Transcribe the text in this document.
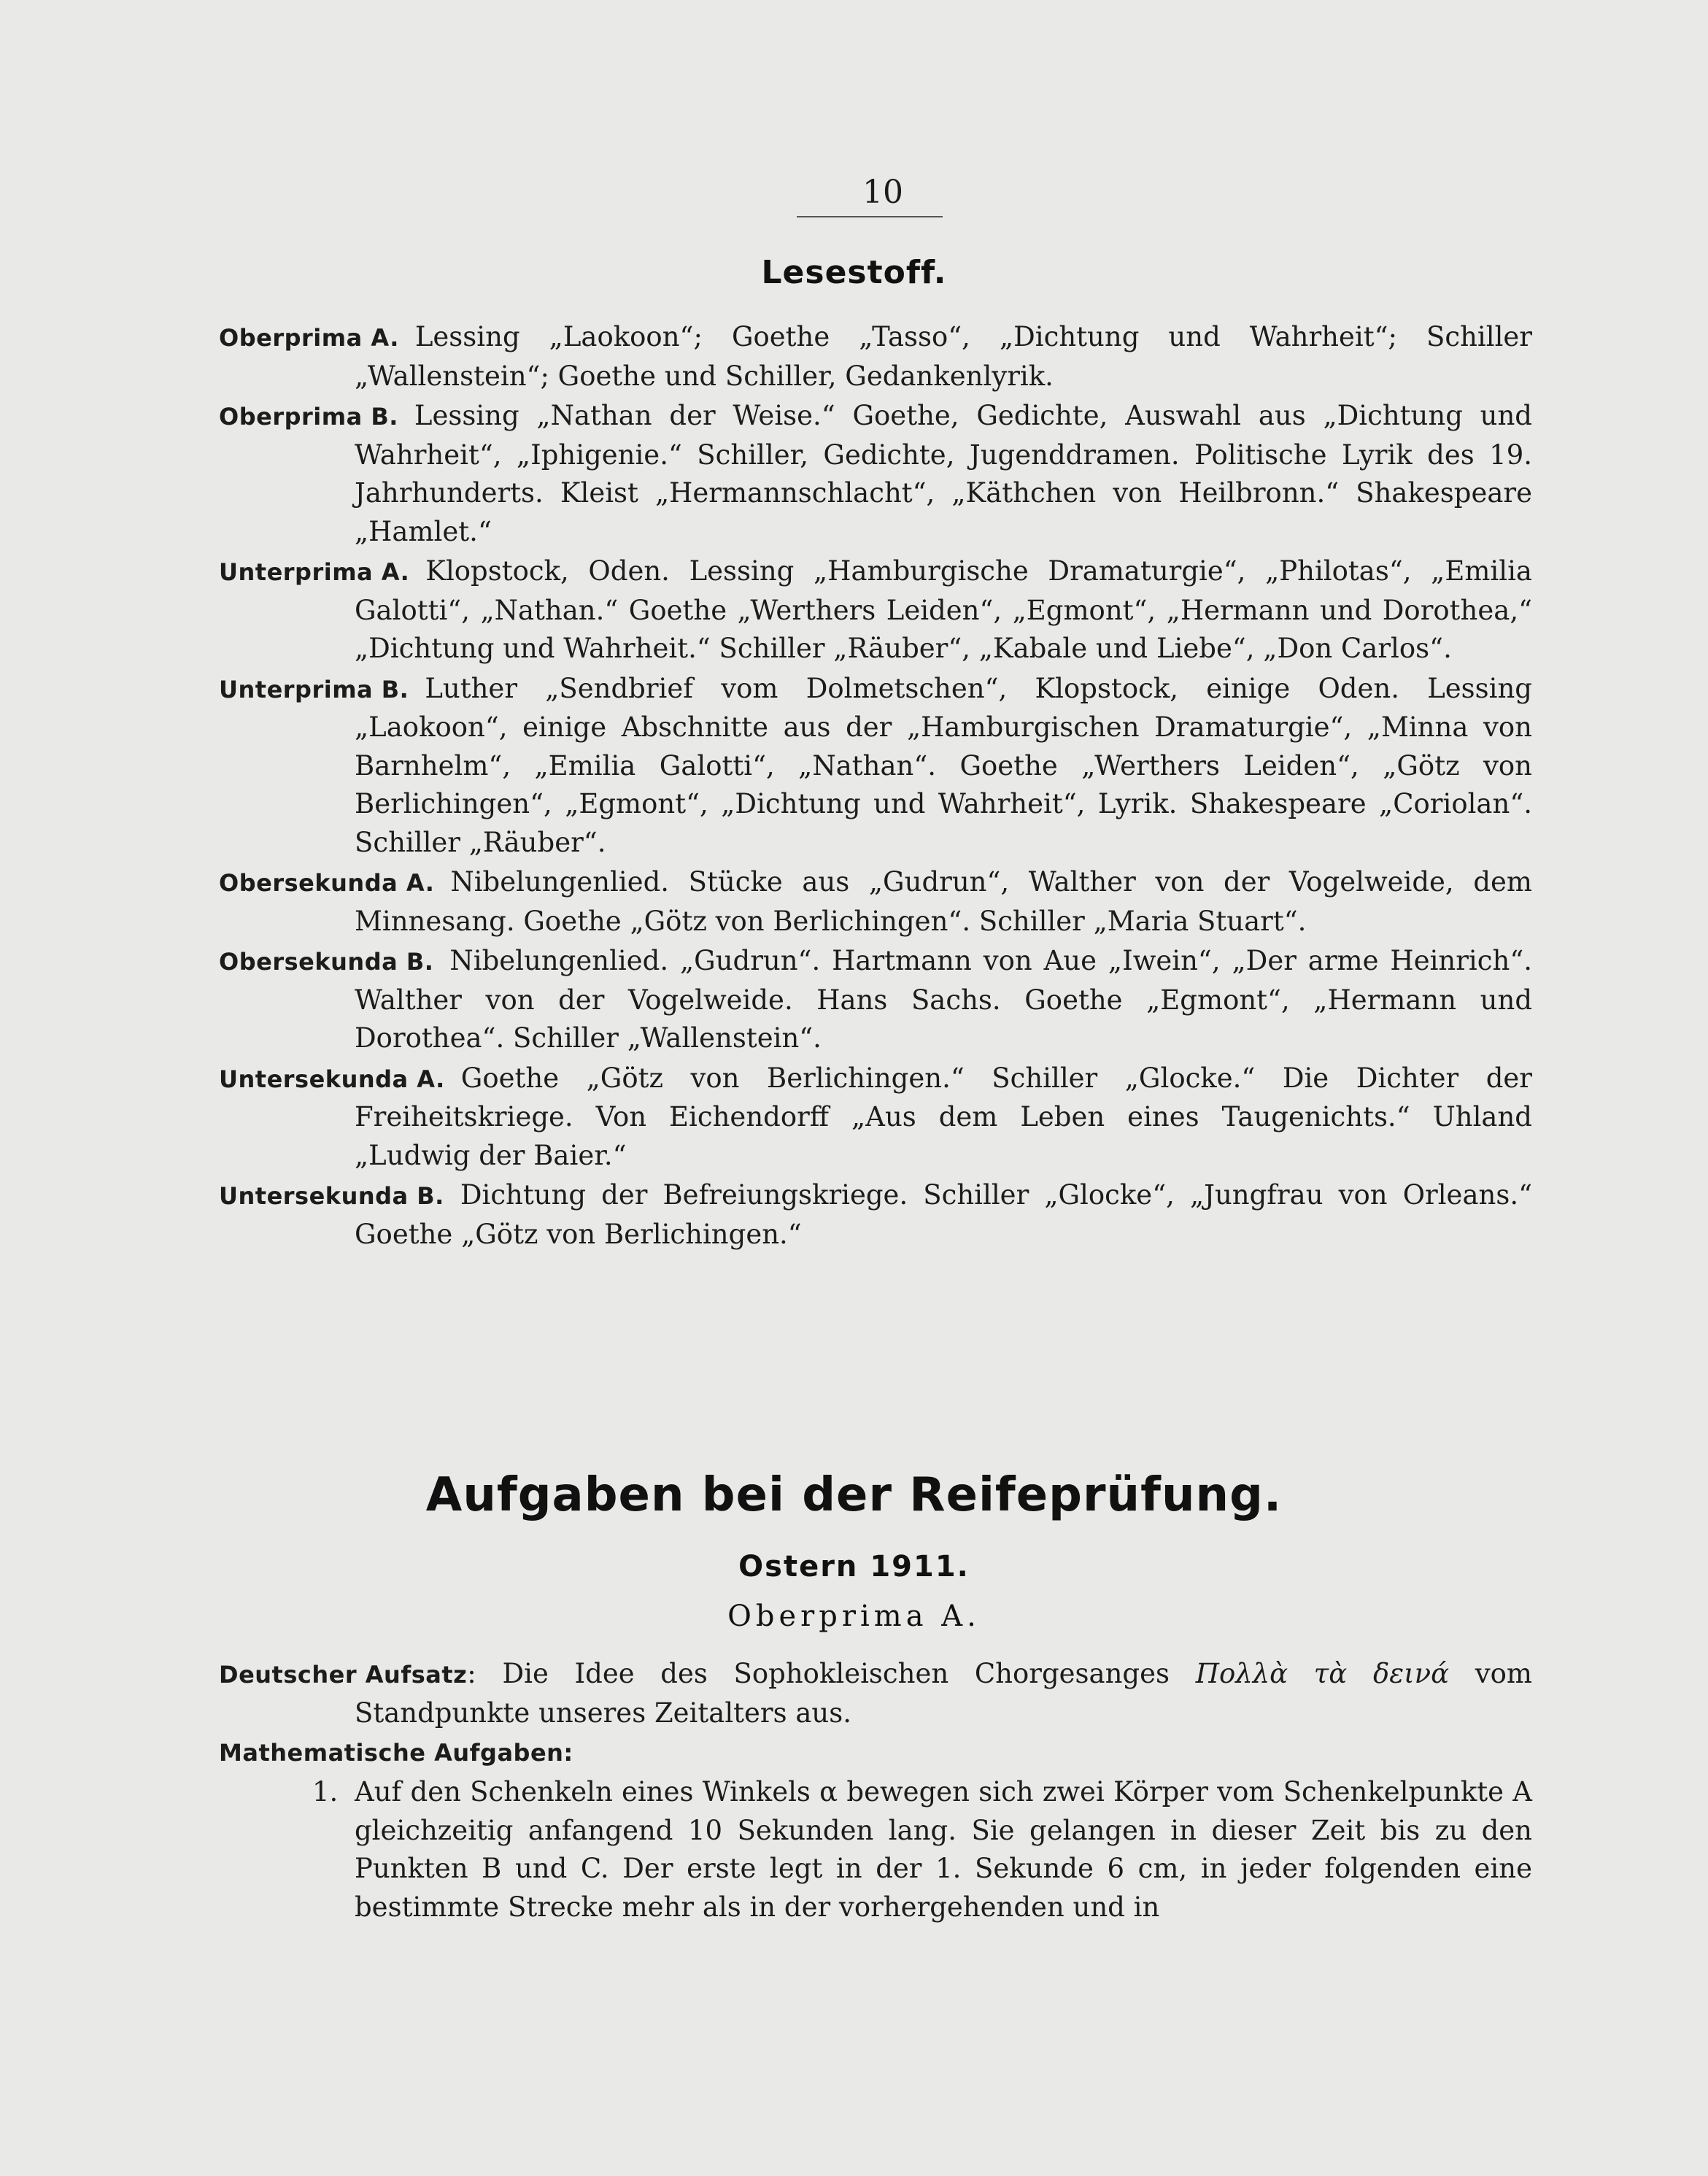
10
Lesestoff.
Oberprima A. Lessing „Laokoon“; Goethe „Tasso“, „Dichtung und Wahrheit“; Schiller „Wallenstein“; Goethe und Schiller, Gedankenlyrik.
Oberprima B. Lessing „Nathan der Weise.“ Goethe, Gedichte, Auswahl aus „Dichtung und Wahrheit“, „Iphigenie.“ Schiller, Gedichte, Jugenddramen. Politische Lyrik des 19. Jahrhunderts. Kleist „Hermannschlacht“, „Käthchen von Heilbronn.“ Shakespeare „Hamlet.“
Unterprima A. Klopstock, Oden. Lessing „Hamburgische Dramaturgie“, „Philotas“, „Emilia Galotti“, „Nathan.“ Goethe „Werthers Leiden“, „Egmont“, „Hermann und Dorothea,“ „Dichtung und Wahrheit.“ Schiller „Räuber“, „Kabale und Liebe“, „Don Carlos“.
Unterprima B. Luther „Sendbrief vom Dolmetschen“, Klopstock, einige Oden. Lessing „Laokoon“, einige Abschnitte aus der „Hamburgischen Dramaturgie“, „Minna von Barnhelm“, „Emilia Galotti“, „Nathan“. Goethe „Werthers Leiden“, „Götz von Berlichingen“, „Egmont“, „Dichtung und Wahrheit“, Lyrik. Shakespeare „Coriolan“. Schiller „Räuber“.
Obersekunda A. Nibelungenlied. Stücke aus „Gudrun“, Walther von der Vogelweide, dem Minnesang. Goethe „Götz von Berlichingen“. Schiller „Maria Stuart“.
Obersekunda B. Nibelungenlied. „Gudrun“. Hartmann von Aue „Iwein“, „Der arme Heinrich“. Walther von der Vogelweide. Hans Sachs. Goethe „Egmont“, „Hermann und Dorothea“. Schiller „Wallenstein“.
Untersekunda A. Goethe „Götz von Berlichingen.“ Schiller „Glocke.“ Die Dichter der Freiheitskriege. Von Eichendorff „Aus dem Leben eines Taugenichts.“ Uhland „Ludwig der Baier.“
Untersekunda B. Dichtung der Befreiungskriege. Schiller „Glocke“, „Jungfrau von Orleans.“ Goethe „Götz von Berlichingen.“
Aufgaben bei der Reifeprüfung.
Ostern 1911.
Oberprima A.
Deutscher Aufsatz: Die Idee des Sophokleischen Chorgesanges Πολλὰ τὰ δεινά vom Standpunkte unseres Zeitalters aus.
Mathematische Aufgaben:
1. Auf den Schenkeln eines Winkels α bewegen sich zwei Körper vom Schenkelpunkte A gleichzeitig anfangend 10 Sekunden lang. Sie gelangen in dieser Zeit bis zu den Punkten B und C. Der erste legt in der 1. Sekunde 6 cm, in jeder folgenden eine bestimmte Strecke mehr als in der vorhergehenden und in
